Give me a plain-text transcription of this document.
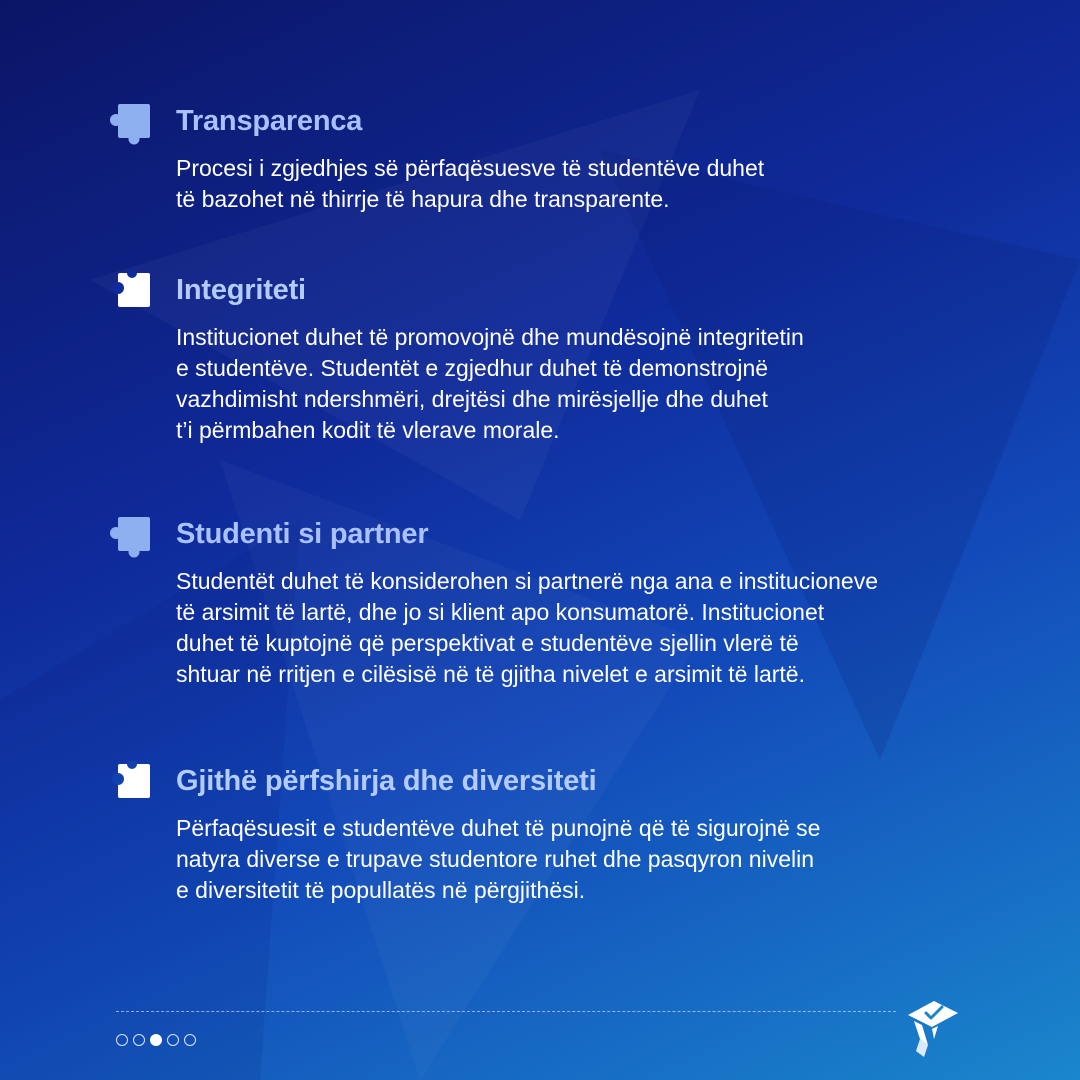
Transparenca
Procesi i zgjedhjes së përfaqësuesve të studentëve duhet
të bazohet në thirrje të hapura dhe transparente.
Integriteti
Institucionet duhet të promovojnë dhe mundësojnë integritetin
e studentëve. Studentët e zgjedhur duhet të demonstrojnë
vazhdimisht ndershmëri, drejtësi dhe mirësjellje dhe duhet
t’i përmbahen kodit të vlerave morale.
Studenti si partner
Studentët duhet të konsiderohen si partnerë nga ana e institucioneve
të arsimit të lartë, dhe jo si klient apo konsumatorë. Institucionet
duhet të kuptojnë që perspektivat e studentëve sjellin vlerë të
shtuar në rritjen e cilësisë në të gjitha nivelet e arsimit të lartë.
Gjithë përfshirja dhe diversiteti
Përfaqësuesit e studentëve duhet të punojnë që të sigurojnë se
natyra diverse e trupave studentore ruhet dhe pasqyron nivelin
e diversitetit të popullatës në përgjithësi.
